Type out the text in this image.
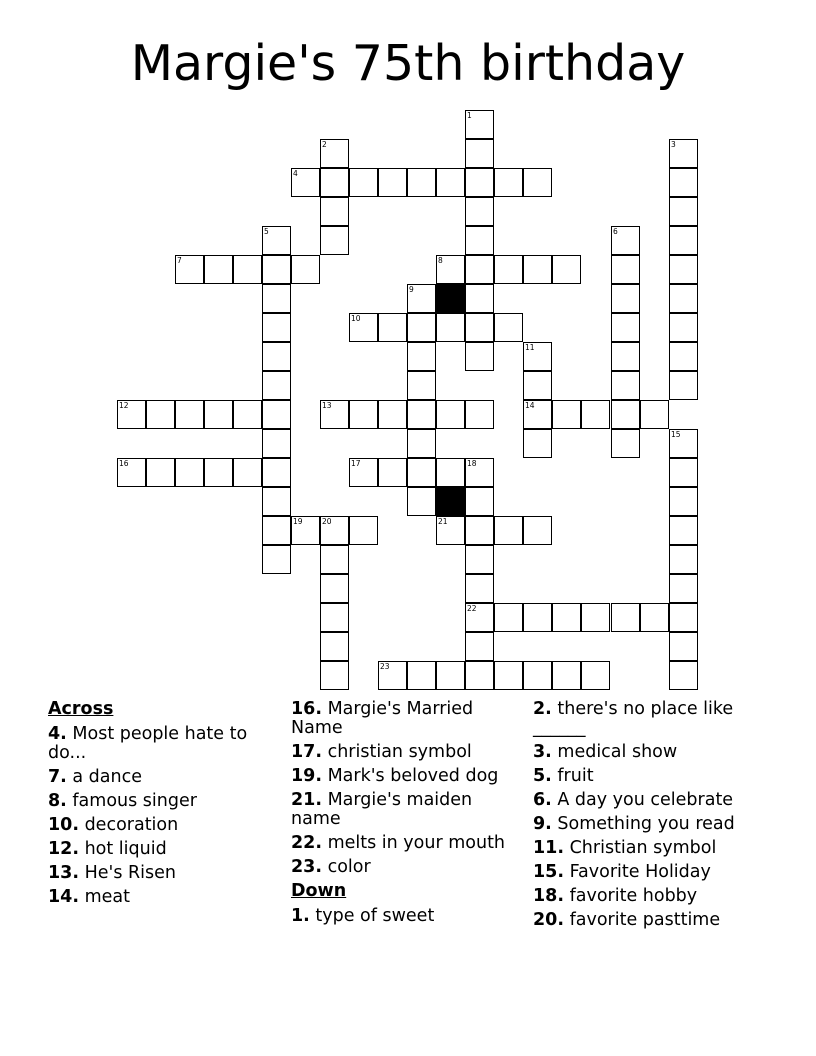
Margie's 75th birthday
1
2	3
4
5	6
7	8
9
10
11
14
12	13
15
16	17	18
22
19	20	21
23
Across
4. Most people hate to do...
7. a dance
8. famous singer
10. decoration
12. hot liquid
13. He's Risen
14. meat
16. Margie's Married Name
17. christian symbol
19. Mark's beloved dog
21. Margie's maiden name
22. melts in your mouth
23. color
Down
1. type of sweet
2. there's no place like ______
3. medical show
5. fruit
6. A day you celebrate
9. Something you read
11. Christian symbol
15. Favorite Holiday
18. favorite hobby
20. favorite pasttime
